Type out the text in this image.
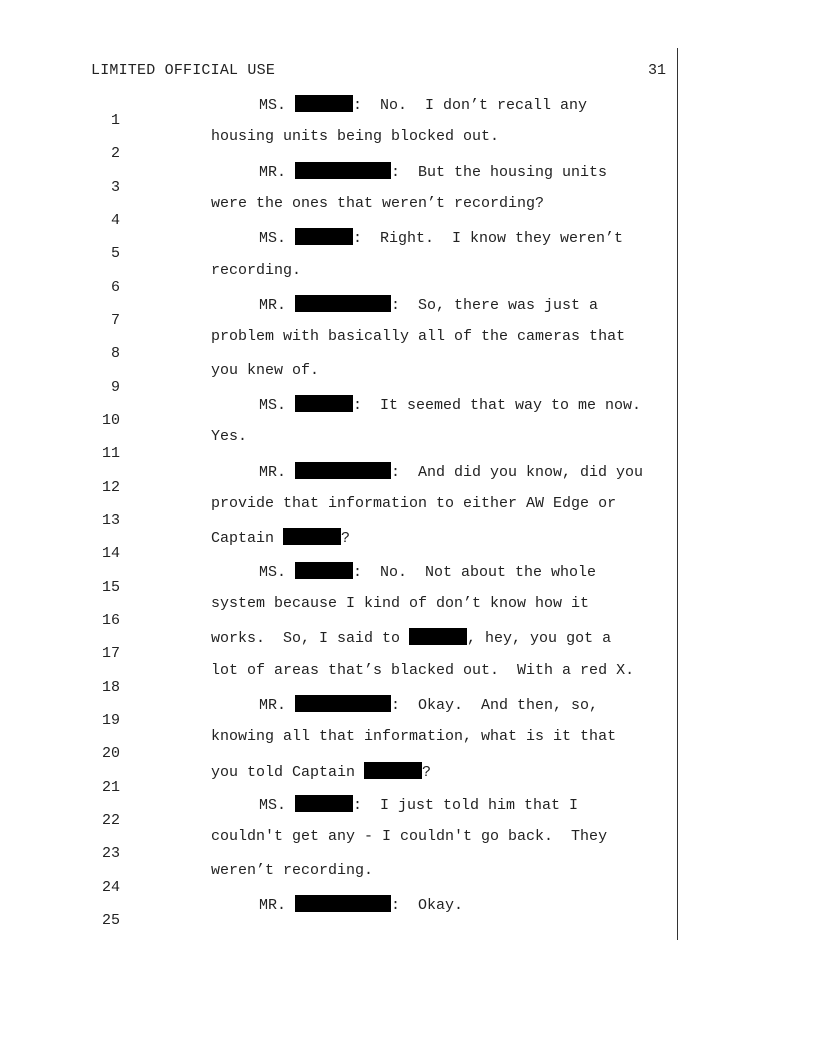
LIMITED OFFICIAL USE	31

1

MS.	:  No.  I don’t recall any

2

housing units being blocked out.

3

MR.	:  But the housing units

4

were the ones that weren’t recording?

5

MS.	:  Right.  I know they weren’t

6

recording.

7

MR.	:  So, there was just a

8

problem with basically all of the cameras that

9

you knew of.

10

MS.	:  It seemed that way to me now.

11

Yes.

12

MR.	:  And did you know, did you

13

provide that information to either AW Edge or

14

Captain	?

15

MS.	:  No.  Not about the whole

16

system because I kind of don’t know how it

17

works.  So, I said to	, hey, you got a

18

lot of areas that’s blacked out.  With a red X.

19

MR.	:  Okay.  And then, so,

20

knowing all that information, what is it that

21

you told Captain	?

22

MS.	:  I just told him that I

23

couldn't get any - I couldn't go back.  They

24

weren’t recording.

25

MR.	:  Okay.
